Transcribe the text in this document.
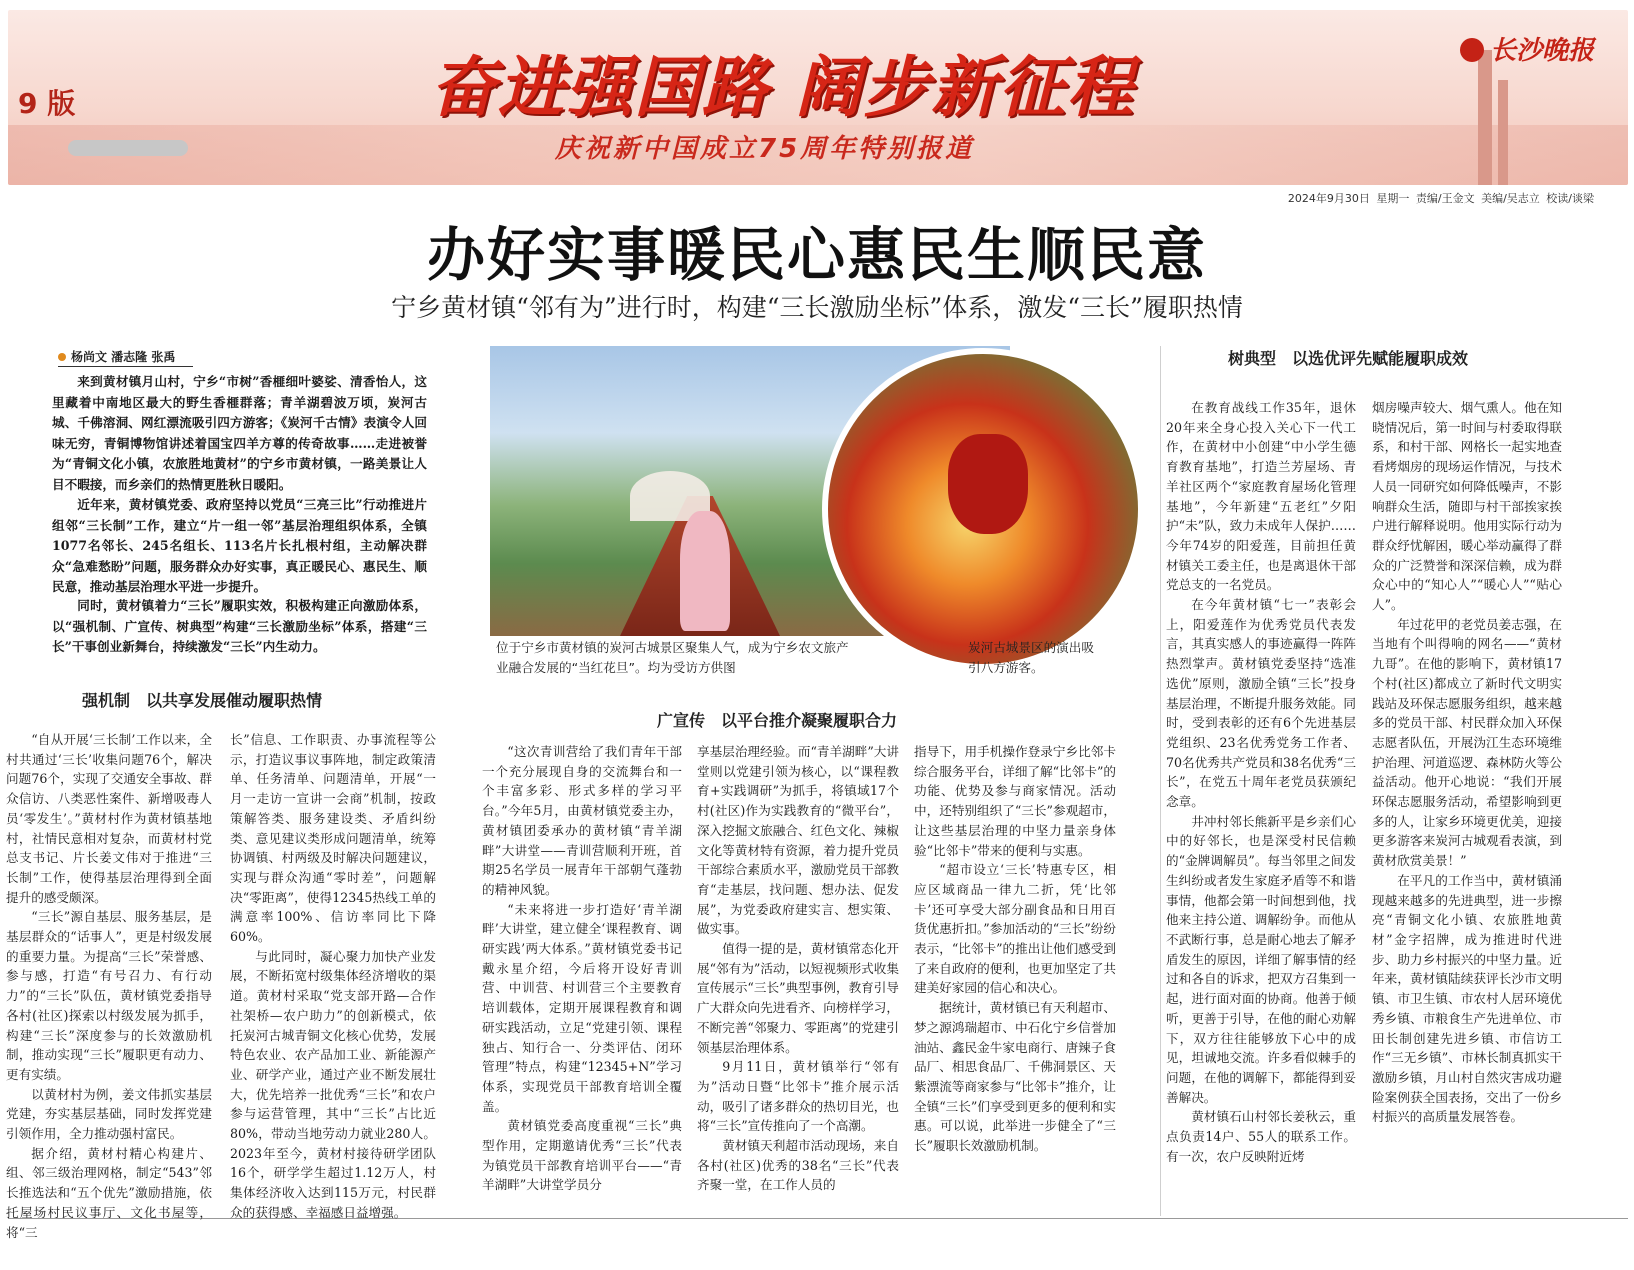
9 版	奋进强国路 阔步新征程
庆祝新中国成立75周年特别报道
长沙晚报
2024年9月30日 星期一 责编/王金文 美编/吴志立 校读/谈梁
办好实事暖民心惠民生顺民意
宁乡黄材镇“邻有为”进行时，构建“三长激励坐标”体系，激发“三长”履职热情
杨尚文 潘志隆 张禹
来到黄材镇月山村，宁乡“市树”香榧细叶婆娑、清香怡人，这里藏着中南地区最大的野生香榧群落；青羊湖碧波万顷，炭河古城、千佛溶洞、网红漂流吸引四方游客；《炭河千古情》表演令人回味无穷，青铜博物馆讲述着国宝四羊方尊的传奇故事……走进被誉为“青铜文化小镇，农旅胜地黄材”的宁乡市黄材镇，一路美景让人目不暇接，而乡亲们的热情更胜秋日暖阳。
近年来，黄材镇党委、政府坚持以党员“三亮三比”行动推进片组邻“三长制”工作，建立“片一组一邻”基层治理组织体系，全镇1077名邻长、245名组长、113名片长扎根村组，主动解决群众“急难愁盼”问题，服务群众办好实事，真正暖民心、惠民生、顺民意，推动基层治理水平进一步提升。
同时，黄材镇着力“三长”履职实效，积极构建正向激励体系，以“强机制、广宣传、树典型”构建“三长激励坐标”体系，搭建“三长”干事创业新舞台，持续激发“三长”内生动力。
强机制　以共享发展催动履职热情
广宣传　以平台推介凝聚履职合力
树典型　以选优评先赋能履职成效
位于宁乡市黄材镇的炭河古城景区聚集人气，成为宁乡农文旅产业融合发展的“当红花旦”。均为受访方供图
炭河古城景区的演出吸引八方游客。

“自从开展‘三长制’工作以来，全村共通过‘三长’收集问题76个，解决问题76个，实现了交通安全事故、群众信访、八类恶性案件、新增吸毒人员‘零发生’。”黄材村作为黄材镇基地村，社情民意相对复杂，而黄材村党总支书记、片长姜文伟对于推进“三长制”工作，使得基层治理得到全面提升的感受颇深。

“三长”源自基层、服务基层，是基层群众的“话事人”，更是村级发展的重要力量。为提高“三长”荣誉感、参与感，打造“有号召力、有行动力”的“三长”队伍，黄材镇党委指导各村(社区)探索以村级发展为抓手，构建“三长”深度参与的长效激励机制，推动实现“三长”履职更有动力、更有实绩。

以黄材村为例，姜文伟抓实基层党建，夯实基层基础，同时发挥党建引领作用，全力推动强村富民。

据介绍，黄材村精心构建片、组、邻三级治理网格，制定“543”邻长推选法和“五个优先”激励措施，依托屋场村民议事厅、文化书屋等，将“三

长”信息、工作职责、办事流程等公示，打造议事议事阵地，制定政策清单、任务清单、问题清单，开展“一月一走访一宣讲一会商”机制，按政策解答类、服务建设类、矛盾纠纷类、意见建议类形成问题清单，统筹协调镇、村两级及时解决问题建议，实现与群众沟通“零时差”，问题解决“零距离”，使得12345热线工单的满意率100%、信访率同比下降60%。

与此同时，凝心聚力加快产业发展，不断拓宽村级集体经济增收的渠道。黄材村采取“党支部开路—合作社架桥—农户助力”的创新模式，依托炭河古城青铜文化核心优势，发展特色农业、农产品加工业、新能源产业、研学产业，通过产业不断发展壮大，优先培养一批优秀“三长”和农户参与运营管理，其中“三长”占比近80%，带动当地劳动力就业280人。2023年至今，黄材村接待研学团队16个，研学学生超过1.12万人，村集体经济收入达到115万元，村民群众的获得感、幸福感日益增强。

“这次青训营给了我们青年干部一个充分展现自身的交流舞台和一个丰富多彩、形式多样的学习平台。”今年5月，由黄材镇党委主办，黄材镇团委承办的黄材镇“青羊湖畔”大讲堂——青训营顺利开班，首期25名学员一展青年干部朝气蓬勃的精神风貌。

“未来将进一步打造好‘青羊湖畔’大讲堂，建立健全‘课程教育、调研实践’两大体系。”黄材镇党委书记戴永星介绍，今后将开设好青训营、中训营、村训营三个主要教育培训载体，定期开展课程教育和调研实践活动，立足“党建引领、课程独占、知行合一、分类评估、闭环管理”特点，构建“12345+N”学习体系，实现党员干部教育培训全覆盖。

黄材镇党委高度重视“三长”典型作用，定期邀请优秀“三长”代表为镇党员干部教育培训平台——“青羊湖畔”大讲堂学员分

享基层治理经验。而“青羊湖畔”大讲堂则以党建引领为核心，以“课程教育+实践调研”为抓手，将镇域17个村(社区)作为实践教育的“微平台”，深入挖掘文旅融合、红色文化、辣椒文化等黄材特有资源，着力提升党员干部综合素质水平，激励党员干部教育“走基层，找问题、想办法、促发展”，为党委政府建实言、想实策、做实事。

值得一提的是，黄材镇常态化开展“邻有为”活动，以短视频形式收集宣传展示“三长”典型事例，教育引导广大群众向先进看齐、向榜样学习，不断完善“邻聚力、零距离”的党建引领基层治理体系。

9月11日，黄材镇举行“邻有为”活动日暨“比邻卡”推介展示活动，吸引了诸多群众的热切目光，也将“三长”宣传推向了一个高潮。

黄材镇天利超市活动现场，来自各村(社区)优秀的38名“三长”代表齐聚一堂，在工作人员的

指导下，用手机操作登录宁乡比邻卡综合服务平台，详细了解“比邻卡”的功能、优势及参与商家情况。活动中，还特别组织了“三长”参观超市，让这些基层治理的中坚力量亲身体验“比邻卡”带来的便利与实惠。

“超市设立‘三长’特惠专区，相应区域商品一律九二折，凭‘比邻卡’还可享受大部分副食品和日用百货优惠折扣。”参加活动的“三长”纷纷表示，“比邻卡”的推出让他们感受到了来自政府的便利，也更加坚定了共建美好家园的信心和决心。

据统计，黄材镇已有天利超市、梦之源鸿瑞超市、中石化宁乡信誉加油站、鑫民金牛家电商行、唐辣子食品厂、相思食品厂、千佛洞景区、天紫漂流等商家参与“比邻卡”推介，让全镇“三长”们享受到更多的便利和实惠。可以说，此举进一步健全了“三长”履职长效激励机制。

在教育战线工作35年，退休20年来全身心投入关心下一代工作，在黄材中小创建“中小学生德育教育基地”，打造兰芳屋场、青羊社区两个“家庭教育屋场化管理基地”，今年新建“五老红”夕阳护“未”队，致力未成年人保护……今年74岁的阳爱莲，目前担任黄材镇关工委主任，也是离退休干部党总支的一名党员。

在今年黄材镇“七一”表彰会上，阳爱莲作为优秀党员代表发言，其真实感人的事迹赢得一阵阵热烈掌声。黄材镇党委坚持“选准选优”原则，激励全镇“三长”投身基层治理，不断提升服务效能。同时，受到表彰的还有6个先进基层党组织、23名优秀党务工作者、70名优秀共产党员和38名优秀“三长”，在党五十周年老党员获颁纪念章。

井冲村邻长熊新平是乡亲们心中的好邻长，也是深受村民信赖的“金牌调解员”。每当邻里之间发生纠纷或者发生家庭矛盾等不和谐事情，他都会第一时间想到他，找他来主持公道、调解纷争。而他从不武断行事，总是耐心地去了解矛盾发生的原因，详细了解事情的经过和各自的诉求，把双方召集到一起，进行面对面的协商。他善于倾听，更善于引导，在他的耐心劝解下，双方往往能够放下心中的成见，坦诚地交流。许多看似棘手的问题，在他的调解下，都能得到妥善解决。

黄材镇石山村邻长姜秋云，重点负责14户、55人的联系工作。有一次，农户反映附近烤

烟房噪声较大、烟气熏人。他在知晓情况后，第一时间与村委取得联系，和村干部、网格长一起实地查看烤烟房的现场运作情况，与技术人员一同研究如何降低噪声，不影响群众生活，随即与村干部挨家挨户进行解释说明。他用实际行动为群众纾忧解困，暖心举动赢得了群众的广泛赞誉和深深信赖，成为群众心中的“知心人”“暖心人”“贴心人”。

年过花甲的老党员姜志强，在当地有个叫得响的网名——“黄材九哥”。在他的影响下，黄材镇17个村(社区)都成立了新时代文明实践站及环保志愿服务组织，越来越多的党员干部、村民群众加入环保志愿者队伍，开展沩江生态环境维护治理、河道巡逻、森林防火等公益活动。他开心地说：“我们开展环保志愿服务活动，希望影响到更多的人，让家乡环境更优美，迎接更多游客来炭河古城观看表演，到黄材欣赏美景！”

在平凡的工作当中，黄材镇涌现越来越多的先进典型，进一步擦亮“青铜文化小镇、农旅胜地黄材”金字招牌，成为推进时代进步、助力乡村振兴的中坚力量。近年来，黄材镇陆续获评长沙市文明镇、市卫生镇、市农村人居环境优秀乡镇、市粮食生产先进单位、市田长制创建先进乡镇、市信访工作“三无乡镇”、市林长制真抓实干激励乡镇，月山村自然灾害成功避险案例获全国表扬，交出了一份乡村振兴的高质量发展答卷。
